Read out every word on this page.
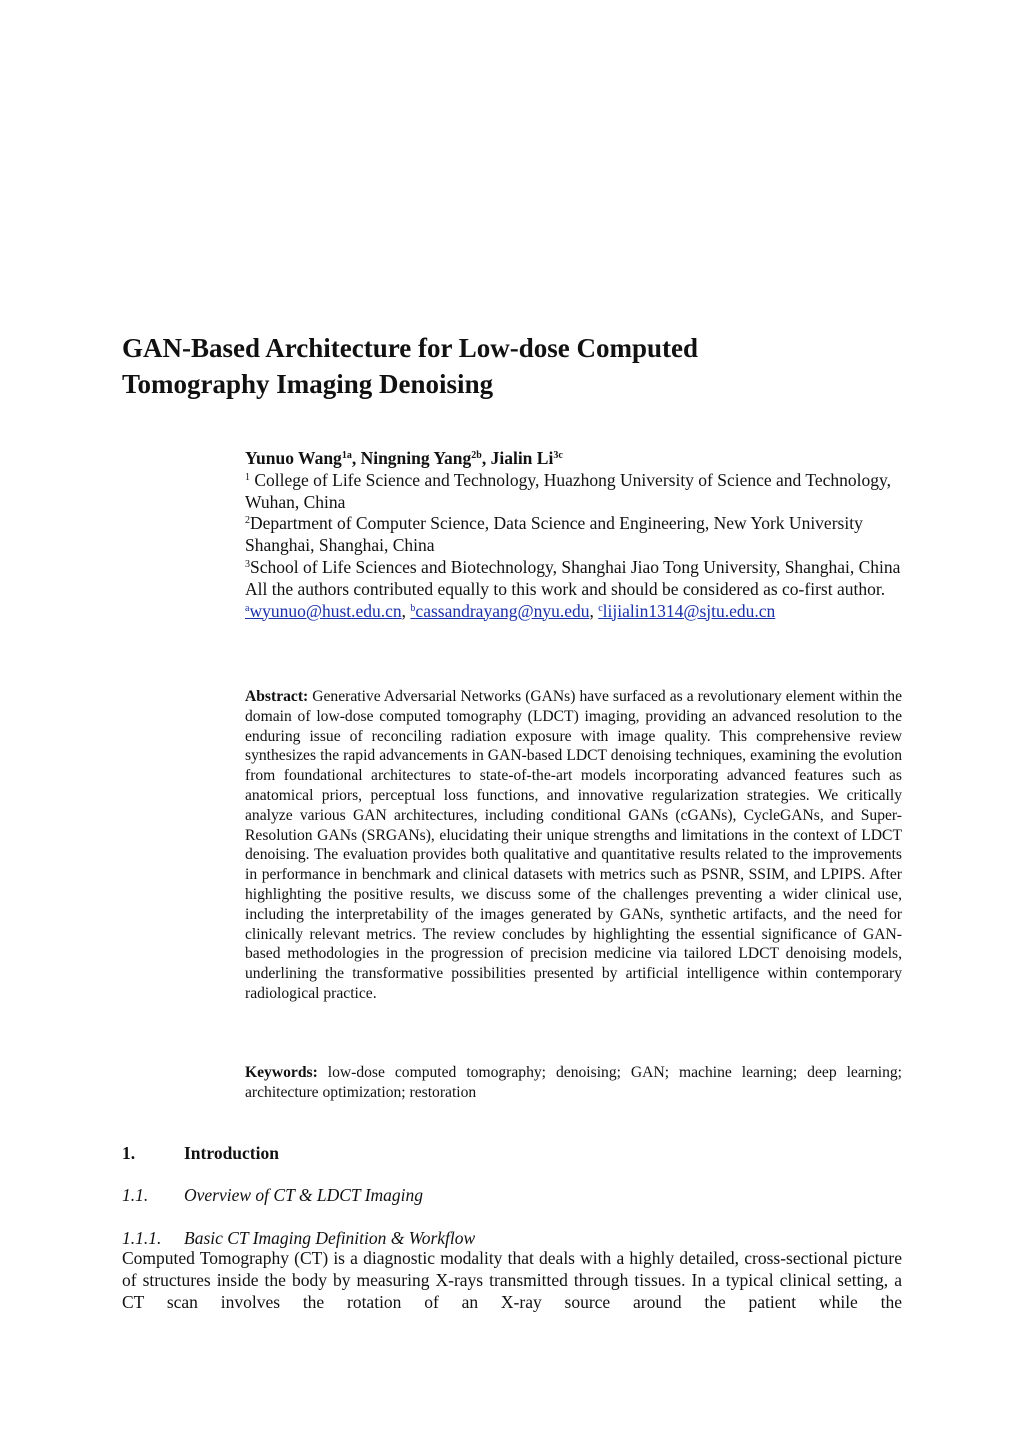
GAN-Based Architecture for Low-dose Computed
Tomography Imaging Denoising

Yunuo Wang$^{1a}$, Ningning Yang$^{2b}$, Jialin $Li^{3c}$

$^1$ College of Life Science and Technology, Huazhong University of Science and Technology, Wuhan, China

$^2$Department of Computer Science, Data Science and Engineering, New York University Shanghai, Shanghai, China

$^3$School of Life Sciences and Biotechnology, Shanghai Jiao Tong University, Shanghai, China

All the authors contributed equally to this work and should be considered as co-first author.

$^a$wyunuo@hust.edu.cn, $^b$cassandrayang@nyu.edu, $^c$lijialin1314@sjtu.edu.cn

Abstract: Generative Adversarial Networks (GANs) have surfaced as a revolutionary element within the domain of low-dose computed tomography (LDCT) imaging, providing an advanced resolution to the enduring issue of reconciling radiation exposure with image quality. This comprehensive review synthesizes the rapid advancements in GAN-based LDCT denoising techniques, examining the evolution from foundational architectures to state-of-the-art models incorporating advanced features such as anatomical priors, perceptual loss functions, and innovative regularization strategies. We critically analyze various GAN architectures, including conditional GANs (cGANs), CycleGANs, and Super-Resolution GANs (SRGANs), elucidating their unique strengths and limitations in the context of LDCT denoising. The evaluation provides both qualitative and quantitative results related to the improvements in performance in benchmark and clinical datasets with metrics such as PSNR, SSIM, and LPIPS. After highlighting the positive results, we discuss some of the challenges preventing a wider clinical use, including the interpretability of the images generated by GANs, synthetic artifacts, and the need for clinically relevant metrics. The review concludes by highlighting the essential significance of GAN-based methodologies in the progression of precision medicine via tailored LDCT denoising models, underlining the transformative possibilities presented by artificial intelligence within contemporary radiological practice.

Keywords: low-dose computed tomography; denoising; GAN; machine learning; deep learning; architecture optimization; restoration

1.	Introduction
1.1. Overview of CT & LDCT Imaging
1.1.1. Basic CT Imaging Definition & Workflow

Computed Tomography (CT) is a diagnostic modality that deals with a highly detailed, cross-sectional picture of structures inside the body by measuring X-rays transmitted through tissues. In a typical clinical setting, a CT scan involves the rotation of an X-ray source around the patient while the
